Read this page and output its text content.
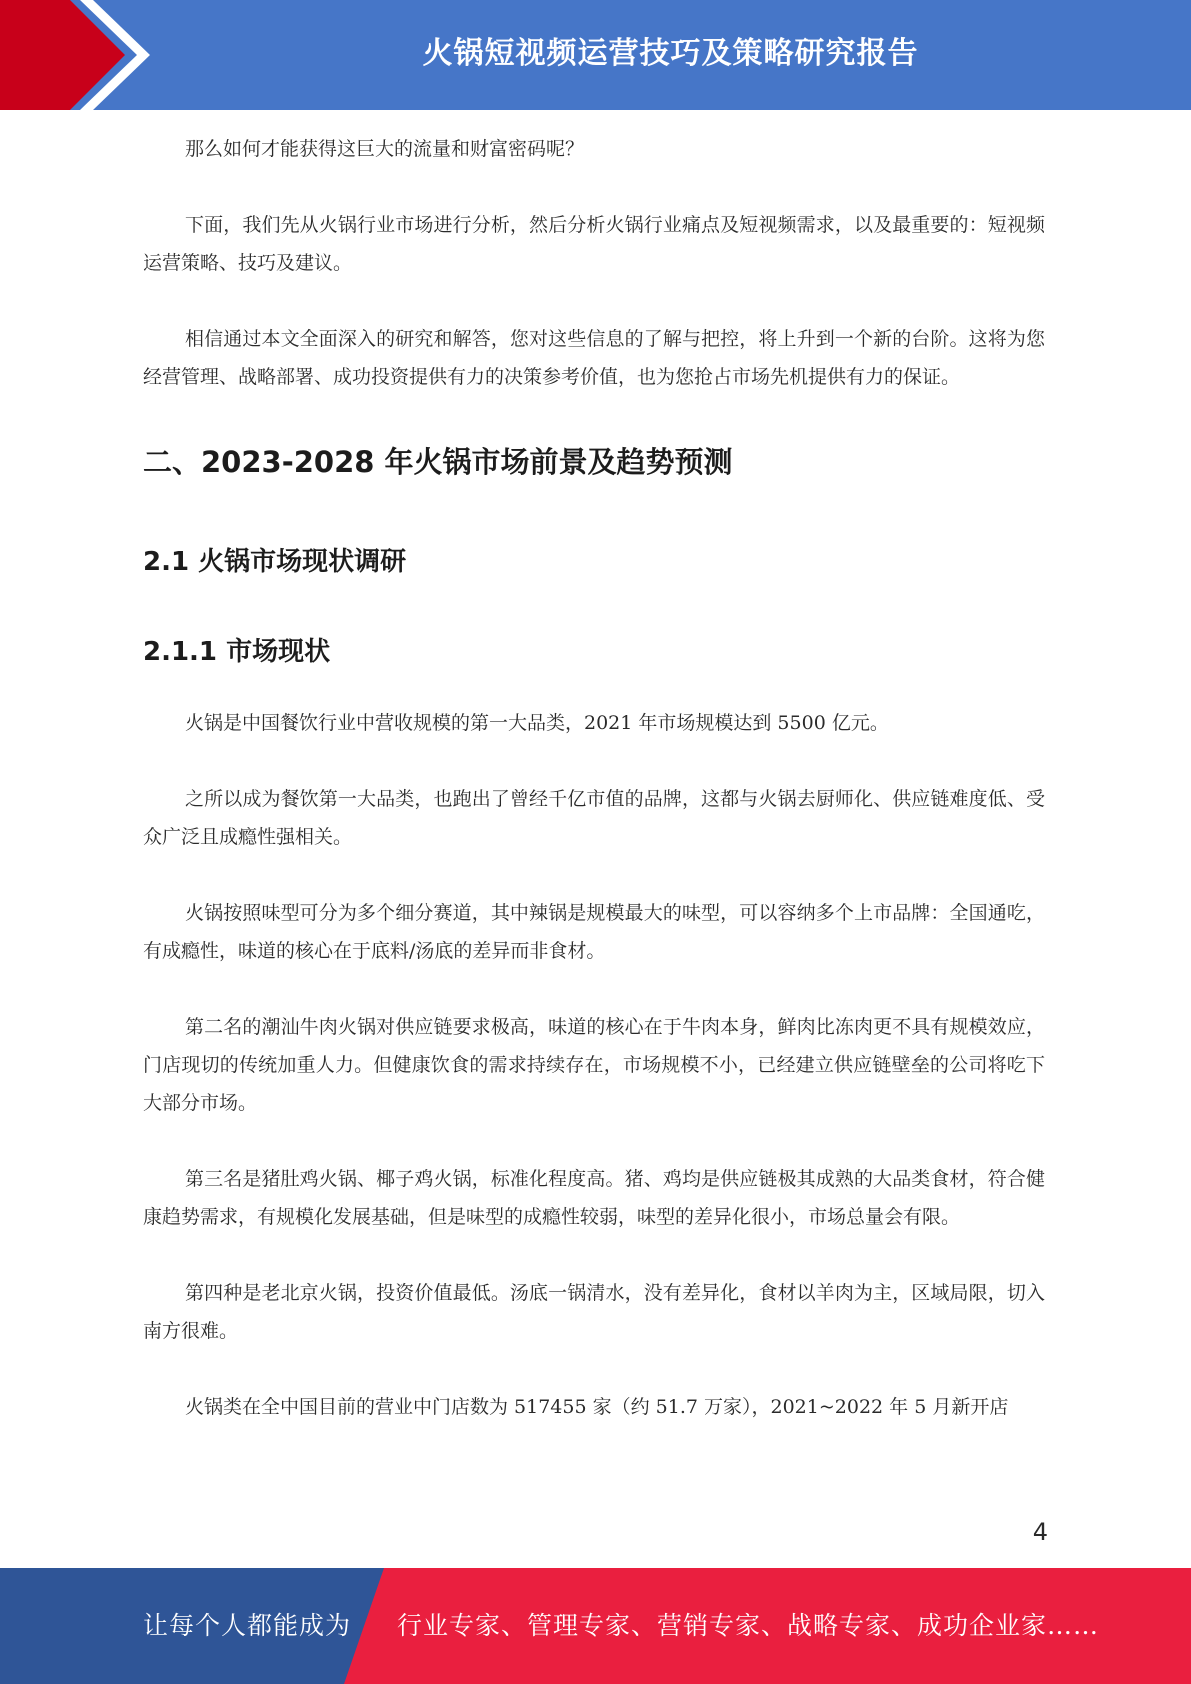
火锅短视频运营技巧及策略研究报告

那么如何才能获得这巨大的流量和财富密码呢？

下面，我们先从火锅行业市场进行分析，然后分析火锅行业痛点及短视频需求，以及最重要的：短视频运营策略、技巧及建议。

相信通过本文全面深入的研究和解答，您对这些信息的了解与把控，将上升到一个新的台阶。这将为您经营管理、战略部署、成功投资提供有力的决策参考价值，也为您抢占市场先机提供有力的保证。

二、2023-2028 年火锅市场前景及趋势预测
2.1 火锅市场现状调研
2.1.1 市场现状

火锅是中国餐饮行业中营收规模的第一大品类，2021 年市场规模达到 5500 亿元。

之所以成为餐饮第一大品类，也跑出了曾经千亿市值的品牌，这都与火锅去厨师化、供应链难度低、受众广泛且成瘾性强相关。

火锅按照味型可分为多个细分赛道，其中辣锅是规模最大的味型，可以容纳多个上市品牌：全国通吃，有成瘾性，味道的核心在于底料/汤底的差异而非食材。

第二名的潮汕牛肉火锅对供应链要求极高，味道的核心在于牛肉本身，鲜肉比冻肉更不具有规模效应，门店现切的传统加重人力。但健康饮食的需求持续存在，市场规模不小，已经建立供应链壁垒的公司将吃下大部分市场。

第三名是猪肚鸡火锅、椰子鸡火锅，标准化程度高。猪、鸡均是供应链极其成熟的大品类食材，符合健康趋势需求，有规模化发展基础，但是味型的成瘾性较弱，味型的差异化很小，市场总量会有限。

第四种是老北京火锅，投资价值最低。汤底一锅清水，没有差异化，食材以羊肉为主，区域局限，切入南方很难。

火锅类在全中国目前的营业中门店数为 517455 家（约 51.7 万家），2021~2022 年 5 月新开店

4
让每个人都能成为 行业专家、管理专家、营销专家、战略专家、成功企业家……
